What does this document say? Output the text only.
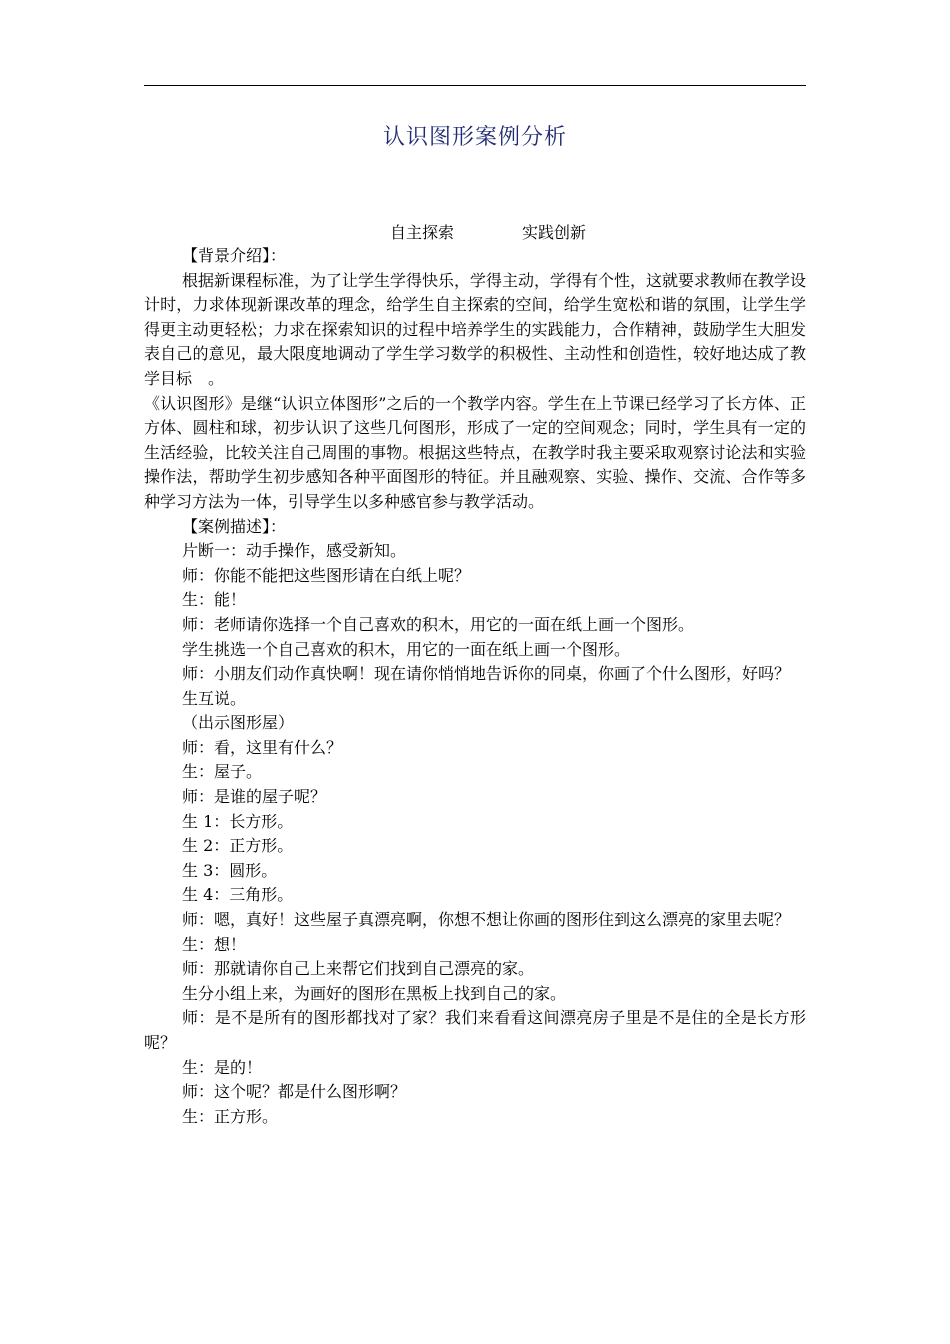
认识图形案例分析
自主探索	实践创新

【背景介绍】：

根据新课程标准，为了让学生学得快乐，学得主动，学得有个性，这就要求教师在教学设计时，力求体现新课改革的理念，给学生自主探索的空间，给学生宽松和谐的氛围，让学生学得更主动更轻松；力求在探索知识的过程中培养学生的实践能力，合作精神，鼓励学生大胆发表自己的意见，最大限度地调动了学生学习数学的积极性、主动性和创造性，较好地达成了教学目标　。

《认识图形》是继“认识立体图形”之后的一个教学内容。学生在上节课已经学习了长方体、正方体、圆柱和球，初步认识了这些几何图形，形成了一定的空间观念；同时，学生具有一定的生活经验，比较关注自己周围的事物。根据这些特点，在教学时我主要采取观察讨论法和实验操作法，帮助学生初步感知各种平面图形的特征。并且融观察、实验、操作、交流、合作等多种学习方法为一体，引导学生以多种感官参与教学活动。

【案例描述】：

片断一：动手操作，感受新知。

师：你能不能把这些图形请在白纸上呢？

生：能！

师：老师请你选择一个自己喜欢的积木，用它的一面在纸上画一个图形。

学生挑选一个自己喜欢的积木，用它的一面在纸上画一个图形。

师：小朋友们动作真快啊！现在请你悄悄地告诉你的同桌，你画了个什么图形，好吗？

生互说。

（出示图形屋）

师：看，这里有什么？

生：屋子。

师：是谁的屋子呢？

生 1：长方形。

生 2：正方形。

生 3：圆形。

生 4：三角形。

师：嗯，真好！这些屋子真漂亮啊，你想不想让你画的图形住到这么漂亮的家里去呢？

生：想！

师：那就请你自己上来帮它们找到自己漂亮的家。

生分小组上来，为画好的图形在黑板上找到自己的家。

师：是不是所有的图形都找对了家？我们来看看这间漂亮房子里是不是住的全是长方形呢？

生：是的！

师：这个呢？都是什么图形啊？

生：正方形。
